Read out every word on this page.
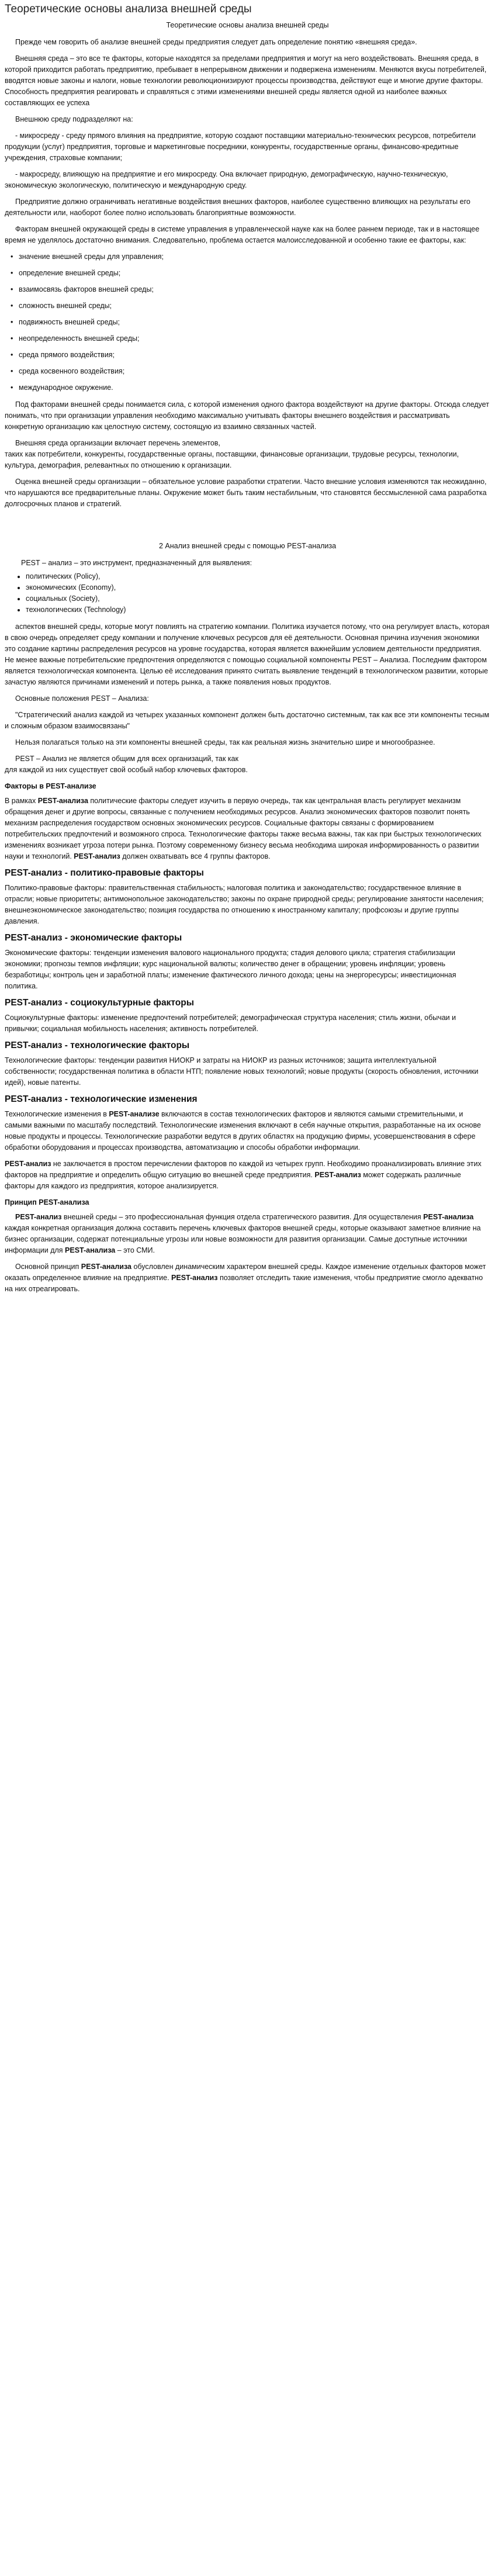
Теоретические основы анализа внешней среды
Теоретические основы анализа внешней среды

Прежде чем говорить об анализе внешней среды предприятия следует дать определение понятию «внешняя среда».

Внешняя среда – это все те факторы, которые находятся за пределами предприятия и могут на него воздействовать. Внешняя среда, в которой приходится работать предприятию, пребывает в непрерывном движении и подвержена изменениям. Меняются вкусы потребителей, вводятся новые законы и налоги, новые технологии революционизируют процессы производства, действуют еще и многие другие факторы. Способность предприятия реагировать и справляться с этими изменениями внешней среды является одной из наиболее важных составляющих ее успеха

Внешнюю среду подразделяют на:

- микросреду - среду прямого влияния на предприятие, которую создают поставщики материально-технических ресурсов, потребители продукции (услуг) предприятия, торговые и маркетинговые посредники, конкуренты, государственные органы, финансово-кредитные учреждения, страховые компании;

- макросреду, влияющую на предприятие и его микросреду. Она включает природную, демографическую, научно-техническую, экономическую экологическую, политическую и международную среду.

Предприятие должно ограничивать негативные воздействия внешних факторов, наиболее существенно влияющих на результаты его деятельности или, наоборот более полно использовать благоприятные возможности.

Факторам внешней окружающей среды в системе управления в управленческой науке как на более раннем периоде, так и в настоящее время не уделялось достаточно внимания. Следовательно, проблема остается малоисследованной и особенно такие ее факторы, как:

• значение внешней среды для управления;
• определение внешней среды;
• взаимосвязь факторов внешней среды;
• сложность внешней среды;
• подвижность внешней среды;
• неопределенность внешней среды;
• среда прямого воздействия;
• среда косвенного воздействия;
• международное окружение.

Под факторами внешней среды понимается сила, с которой изменения одного фактора воздействуют на другие факторы. Отсюда следует понимать, что при организации управления необходимо максимально учитывать факторы внешнего воздействия и рассматривать конкретную организацию как целостную систему, состоящую из взаимно связанных частей.

Внешняя среда организации включает перечень элементов,
таких как потребители, конкуренты, государственные органы, поставщики, финансовые организации, трудовые ресурсы, технологии, культура, демография, релевантных по отношению к организации.

Оценка внешней среды организации – обязательное условие разработки стратегии. Часто внешние условия изменяются так неожиданно, что нарушаются все предварительные планы. Окружение может быть таким нестабильным, что становятся бессмысленной сама разработка долгосрочных планов и стратегий.

2 Анализ внешней среды с помощью PEST-анализа

PEST – анализ – это инструмент, предназначенный для выявления:

• политических (Policy),
• экономических (Economy),
• социальных (Society),
• технологических (Technology)

аспектов внешней среды, которые могут повлиять на стратегию компании. Политика изучается потому, что она регулирует власть, которая в свою очередь определяет среду компании и получение ключевых ресурсов для её деятельности. Основная причина изучения экономики это создание картины распределения ресурсов на уровне государства, которая является важнейшим условием деятельности предприятия. Не менее важные потребительские предпочтения определяются с помощью социальной компоненты PEST – Анализа. Последним фактором является технологическая компонента. Целью её исследования принято считать выявление тенденций в технологическом развитии, которые зачастую являются причинами изменений и потерь рынка, а также появления новых продуктов.

Основные положения PEST – Анализа:

"Стратегический анализ каждой из четырех указанных компонент должен быть достаточно системным, так как все эти компоненты тесным и сложным образом взаимосвязаны"

Нельзя полагаться только на эти компоненты внешней среды, так как реальная жизнь значительно шире и многообразнее.

PEST – Анализ не является общим для всех организаций, так как
для каждой из них существует свой особый набор ключевых факторов.

Факторы в PEST-анализе

В рамках PEST-анализа политические факторы следует изучить в первую очередь, так как центральная власть регулирует механизм обращения денег и другие вопросы, связанные с получением необходимых ресурсов. Анализ экономических факторов позволит понять механизм распределения государством основных экономических ресурсов. Социальные факторы связаны с формированием потребительских предпочтений и возможного спроса. Технологические факторы также весьма важны, так как при быстрых технологических изменениях возникает угроза потери рынка. Поэтому современному бизнесу весьма необходима широкая информированность о развитии науки и технологий. PEST-анализ должен охватывать все 4 группы факторов.

PEST-анализ - политико-правовые факторы

Политико-правовые факторы: правительственная стабильность; налоговая политика и законодательство; государственное влияние в отрасли; новые приоритеты; антимонопольное законодательство; законы по охране природной среды; регулирование занятости населения; внешнеэкономическое законодательство; позиция государства по отношению к иностранному капиталу; профсоюзы и другие группы давления.

PEST-анализ - экономические факторы

Экономические факторы: тенденции изменения валового национального продукта; стадия делового цикла; стратегия стабилизации экономики; прогнозы темпов инфляции; курс национальной валюты; количество денег в обращении; уровень инфляции; уровень безработицы; контроль цен и заработной платы; изменение фактического личного дохода; цены на энергоресурсы; инвестиционная политика.

PEST-анализ - социокультурные факторы

Социокультурные факторы: изменение предпочтений потребителей; демографическая структура населения; стиль жизни, обычаи и привычки; социальная мобильность населения; активность потребителей.

PEST-анализ - технологические факторы

Технологические факторы: тенденции развития НИОКР и затраты на НИОКР из разных источников; защита интеллектуальной собственности; государственная политика в области НТП; появление новых технологий; новые продукты (скорость обновления, источники идей), новые патенты.

PEST-анализ - технологические изменения

Технологические изменения в PEST-анализе включаются в состав технологических факторов и являются самыми стремительными, и самыми важными по масштабу последствий. Технологические изменения включают в себя научные открытия, разработанные на их основе новые продукты и процессы. Технологические разработки ведутся в других областях на продукцию фирмы, усовершенствования в сфере обработки оборудования и процессах производства, автоматизацию и способы обработки информации.

PEST-анализ не заключается в простом перечислении факторов по каждой из четырех групп. Необходимо проанализировать влияние этих факторов на предприятие и определить общую ситуацию во внешней среде предприятия. PEST-анализ может содержать различные факторы для каждого из предприятия, которое анализируется.

Принцип PEST-анализа

PEST-анализ внешней среды – это профессиональная функция отдела стратегического развития. Для осуществления PEST-анализа каждая конкретная организация должна составить перечень ключевых факторов внешней среды, которые оказывают заметное влияние на бизнес организации, содержат потенциальные угрозы или новые возможности для развития организации. Самые доступные источники информации для PEST-анализа – это СМИ.

Основной принцип PEST-анализа обусловлен динамическим характером внешней среды. Каждое изменение отдельных факторов может оказать определенное влияние на предприятие. PEST-анализ позволяет отследить такие изменения, чтобы предприятие смогло адекватно на них отреагировать.
